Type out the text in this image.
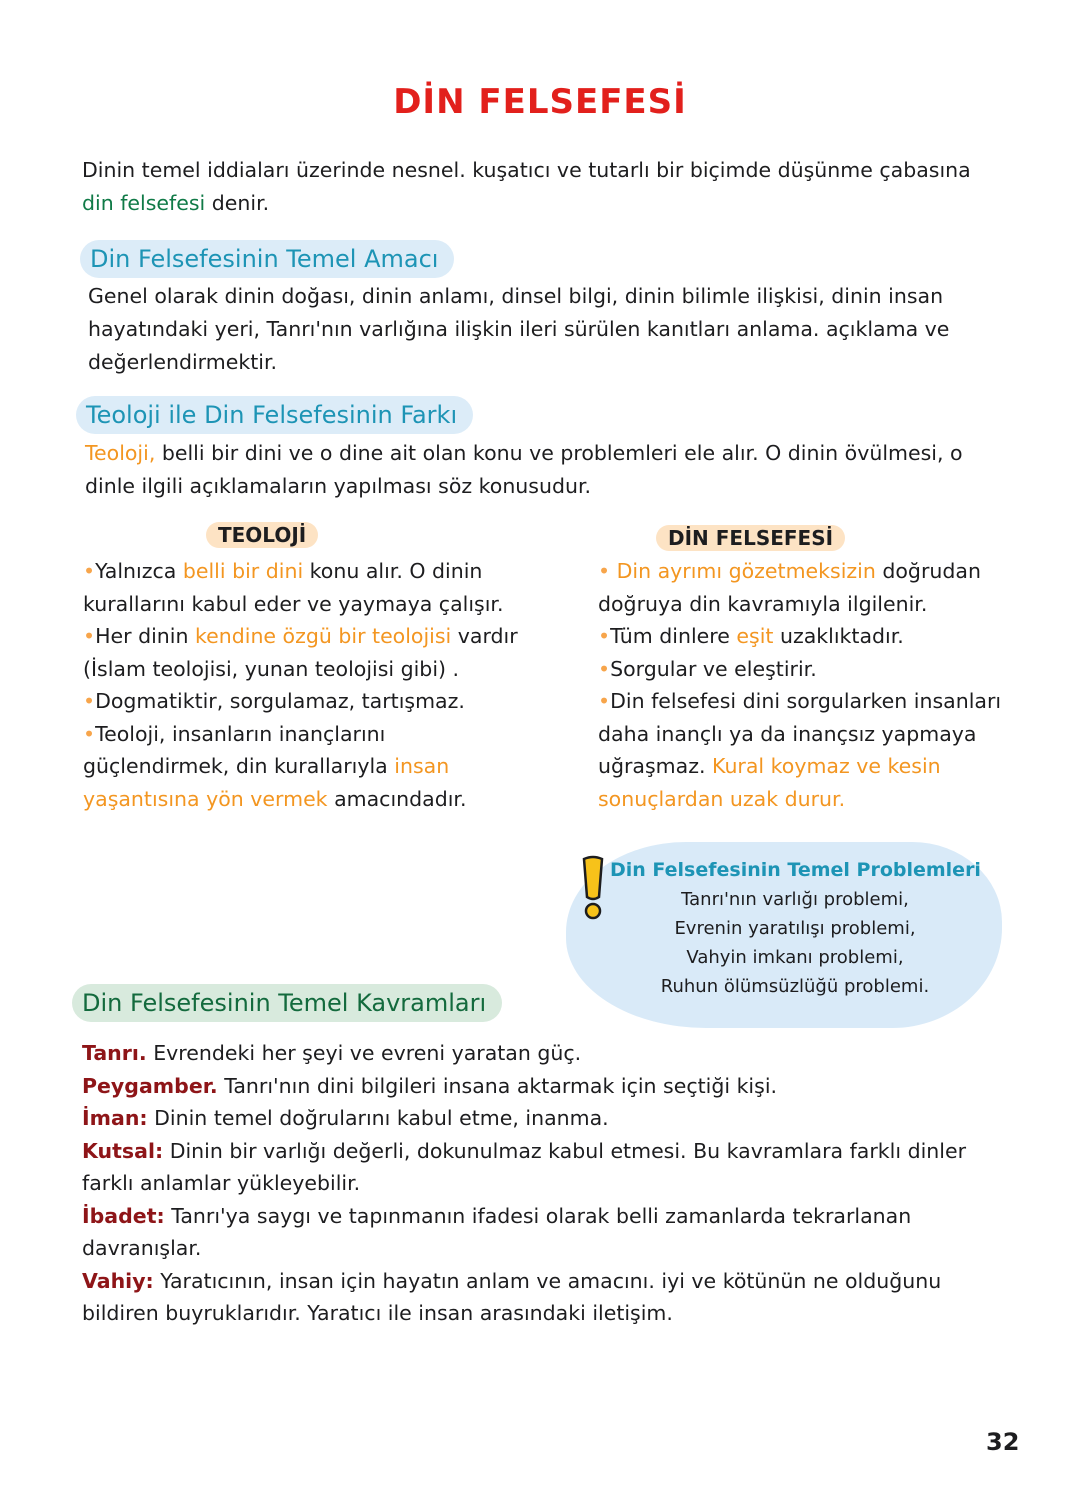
DİN FELSEFESİ
Dinin temel iddiaları üzerinde nesnel. kuşatıcı ve tutarlı bir biçimde düşünme çabasına din felsefesi denir.
Din Felsefesinin Temel Amacı
Genel olarak dinin doğası, dinin anlamı, dinsel bilgi, dinin bilimle ilişkisi, dinin insan hayatındaki yeri, Tanrı'nın varlığına ilişkin ileri sürülen kanıtları anlama. açıklama ve değerlendirmektir.
Teoloji ile Din Felsefesinin Farkı
Teoloji, belli bir dini ve o dine ait olan konu ve problemleri ele alır. O dinin övülmesi, o dinle ilgili açıklamaların yapılması söz konusudur.
TEOLOJİ
•Yalnızca belli bir dini konu alır. O dinin kurallarını kabul eder ve yaymaya çalışır.
•Her dinin kendine özgü bir teolojisi vardır (İslam teolojisi, yunan teolojisi gibi) .
•Dogmatiktir, sorgulamaz, tartışmaz.
•Teoloji, insanların inançlarını güçlendirmek, din kurallarıyla insan yaşantısına yön vermek amacındadır.
DİN FELSEFESİ
• Din ayrımı gözetmeksizin doğrudan doğruya din kavramıyla ilgilenir.
•Tüm dinlere eşit uzaklıktadır.
•Sorgular ve eleştirir.
•Din felsefesi dini sorgularken insanları daha inançlı ya da inançsız yapmaya uğraşmaz. Kural koymaz ve kesin sonuçlardan uzak durur.
Din Felsefesinin Temel Problemleri
Tanrı'nın varlığı problemi,
Evrenin yaratılışı problemi,
Vahyin imkanı problemi,
Ruhun ölümsüzlüğü problemi.
Din Felsefesinin Temel Kavramları
Tanrı. Evrendeki her şeyi ve evreni yaratan güç.
Peygamber. Tanrı'nın dini bilgileri insana aktarmak için seçtiği kişi.
İman: Dinin temel doğrularını kabul etme, inanma.
Kutsal: Dinin bir varlığı değerli, dokunulmaz kabul etmesi. Bu kavramlara farklı dinler farklı anlamlar yükleyebilir.
İbadet: Tanrı'ya saygı ve tapınmanın ifadesi olarak belli zamanlarda tekrarlanan davranışlar.
Vahiy: Yaratıcının, insan için hayatın anlam ve amacını. iyi ve kötünün ne olduğunu bildiren buyruklarıdır. Yaratıcı ile insan arasındaki iletişim.
32
